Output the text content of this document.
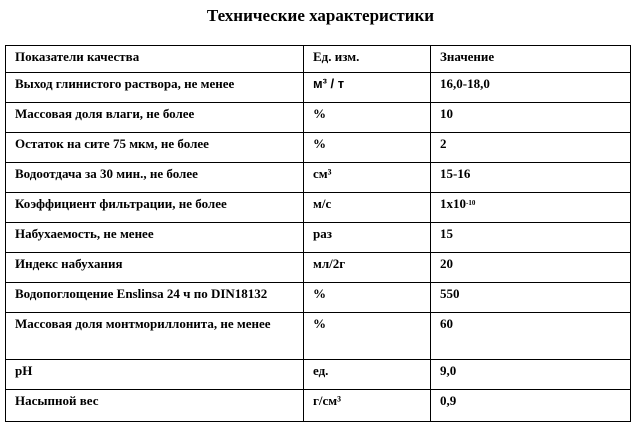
Технические характеристики
Показатели качества	Ед. изм.	Значение
Выход глинистого раствора, не менее	м³ / т	16,0-18,0
Массовая доля влаги, не более	%	10
Остаток на сите 75 мкм, не более	%	2
Водоотдача за 30 мин., не более	см³	15-16
Коэффициент фильтрации, не более	м/с	$1х10^{-10}$
Набухаемость, не менее	раз	15
Индекс набухания	мл/2г	20
Водопоглощение Enslinsa 24 ч по DIN18132	%	550
Массовая доля монтмориллонита, не менее	%	60
pH	ед.	9,0
Насыпной вес	г/см³	0,9
